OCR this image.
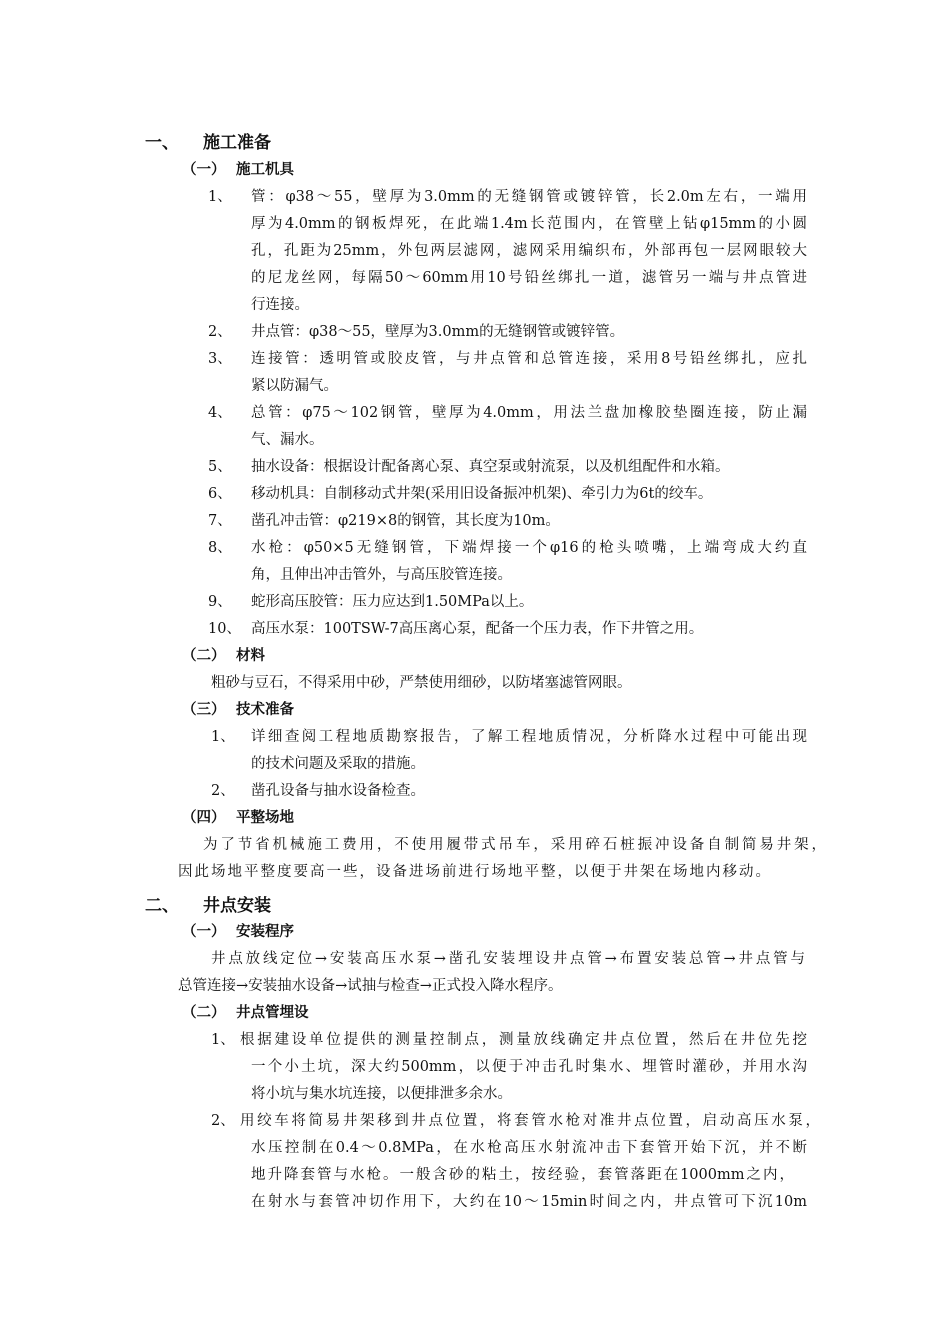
一、 施工准备
（一） 施工机具
1、 管：φ38～55，壁厚为3.0mm的无缝钢管或镀锌管，长2.0m左右，一端用
厚为4.0mm的钢板焊死，在此端1.4m长范围内，在管壁上钻φ15mm的小圆
孔，孔距为25mm，外包两层滤网，滤网采用编织布，外部再包一层网眼较大
的尼龙丝网，每隔50～60mm用10号铅丝绑扎一道，滤管另一端与井点管进
行连接。
2、 井点管：φ38～55，壁厚为3.0mm的无缝钢管或镀锌管。
3、 连接管：透明管或胶皮管，与井点管和总管连接，采用8号铅丝绑扎，应扎
紧以防漏气。
4、 总管：φ75～102钢管，壁厚为4.0mm，用法兰盘加橡胶垫圈连接，防止漏
气、漏水。
5、 抽水设备：根据设计配备离心泵、真空泵或射流泵，以及机组配件和水箱。
6、 移动机具：自制移动式井架(采用旧设备振冲机架)、牵引力为6t的绞车。
7、 凿孔冲击管：φ219×8的钢管，其长度为10m。
8、 水枪：φ50×5无缝钢管，下端焊接一个φ16的枪头喷嘴，上端弯成大约直
角，且伸出冲击管外，与高压胶管连接。
9、 蛇形高压胶管：压力应达到1.50MPa以上。
10、 高压水泵：100TSW-7高压离心泵，配备一个压力表，作下井管之用。
（二） 材料
粗砂与豆石，不得采用中砂，严禁使用细砂，以防堵塞滤管网眼。
（三） 技术准备
1、 详细查阅工程地质勘察报告，了解工程地质情况，分析降水过程中可能出现
的技术问题及采取的措施。
2、 凿孔设备与抽水设备检查。
（四） 平整场地
为了节省机械施工费用，不使用履带式吊车，采用碎石桩振冲设备自制简易井架，
因此场地平整度要高一些，设备进场前进行场地平整，以便于井架在场地内移动。
二、 井点安装
（一） 安装程序
井点放线定位→安装高压水泵→凿孔安装埋设井点管→布置安装总管→井点管与
总管连接→安装抽水设备→试抽与检查→正式投入降水程序。
（二） 井点管埋设
1、 根据建设单位提供的测量控制点，测量放线确定井点位置，然后在井位先挖
一个小土坑，深大约500mm，以便于冲击孔时集水、埋管时灌砂，并用水沟
将小坑与集水坑连接，以便排泄多余水。
2、 用绞车将简易井架移到井点位置，将套管水枪对准井点位置，启动高压水泵，
水压控制在0.4～0.8MPa，在水枪高压水射流冲击下套管开始下沉，并不断
地升降套管与水枪。一般含砂的粘土，按经验，套管落距在1000mm之内，
在射水与套管冲切作用下，大约在10～15min时间之内，井点管可下沉10m
